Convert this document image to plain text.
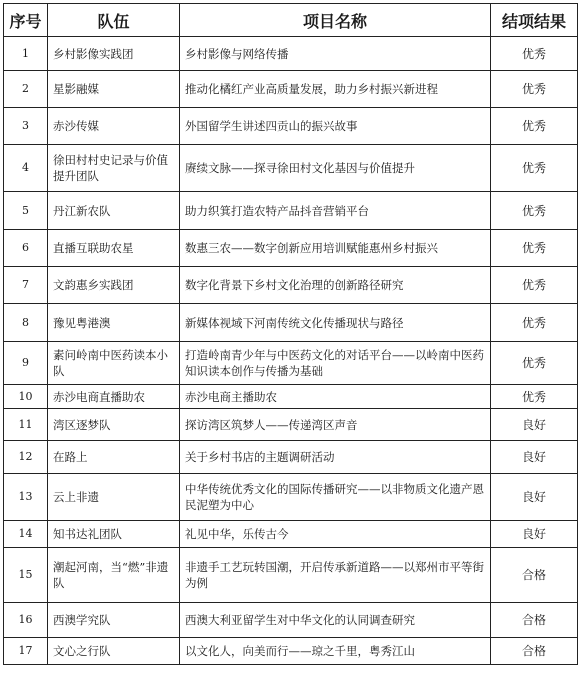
序号	队伍	项目名称	结项结果
1	乡村影像实践团	乡村影像与网络传播	优秀
2	星影融媒	推动化橘红产业高质量发展，助力乡村振兴新进程	优秀
3	赤沙传媒	外国留学生讲述四贡山的振兴故事	优秀
4	徐田村村史记录与价值提升团队	赓续文脉——探寻徐田村文化基因与价值提升	优秀
5	丹江新农队	助力织箕打造农特产品抖音营销平台	优秀
6	直播互联助农星	数惠三农——数字创新应用培训赋能惠州乡村振兴	优秀
7	文韵惠乡实践团	数字化背景下乡村文化治理的创新路径研究	优秀
8	豫见粤港澳	新媒体视域下河南传统文化传播现状与路径	优秀
9	素问岭南中医药读本小队	打造岭南青少年与中医药文化的对话平台——以岭南中医药知识读本创作与传播为基础	优秀
10	赤沙电商直播助农	赤沙电商主播助农	优秀
11	湾区逐梦队	探访湾区筑梦人——传递湾区声音	良好
12	在路上	关于乡村书店的主题调研活动	良好
13	云上非遗	中华传统优秀文化的国际传播研究——以非物质文化遗产恩民泥塑为中心	良好
14	知书达礼团队	礼见中华，乐传古今	良好
15	潮起河南，当“燃”非遗队	非遗手工艺玩转国潮，开启传承新道路——以郑州市平等街为例	合格
16	西澳学究队	西澳大利亚留学生对中华文化的认同调查研究	合格
17	文心之行队	以文化人，向美而行——琼之千里，粤秀江山	合格
